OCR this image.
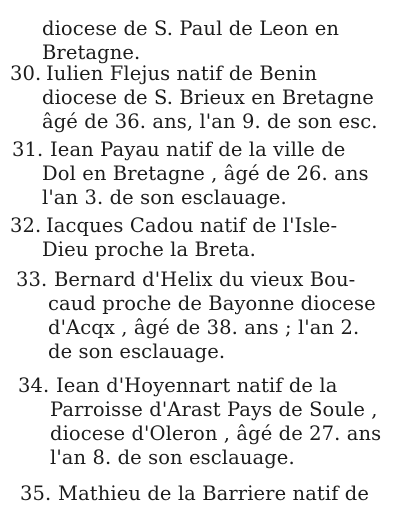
diocese de S. Paul de Leon en
Bretagne.
30. Iulien Flejus natif de Benin
diocese de S. Brieux en Bretagne
âgé de 36. ans, l'an 9. de son esc.
31. Iean Payau natif de la ville de
Dol en Bretagne , âgé de 26. ans
l'an 3. de son esclauage.
32. Iacques Cadou natif de l'Isle-
Dieu proche la Breta.
33. Bernard d'Helix du vieux Bou-
caud proche de Bayonne diocese
d'Acqx , âgé de 38. ans ; l'an 2.
de son esclauage.
34. Iean d'Hoyennart natif de la
Parroisse d'Arast Pays de Soule ,
diocese d'Oleron , âgé de 27. ans
l'an 8. de son esclauage.
35. Mathieu de la Barriere natif de
